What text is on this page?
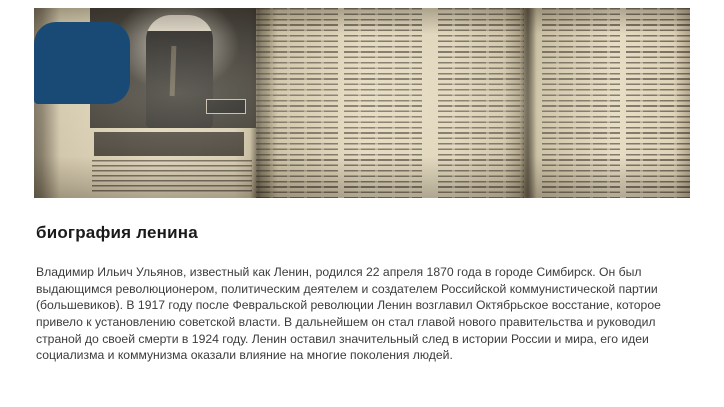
биография ленина

Владимир Ильич Ульянов, известный как Ленин, родился 22 апреля 1870 года в городе Симбирск. Он был выдающимся революционером, политическим деятелем и создателем Российской коммунистической партии (большевиков). В 1917 году после Февральской революции Ленин возглавил Октябрьское восстание, которое привело к установлению советской власти. В дальнейшем он стал главой нового правительства и руководил страной до своей смерти в 1924 году. Ленин оставил значительный след в истории России и мира, его идеи социализма и коммунизма оказали влияние на многие поколения людей.
